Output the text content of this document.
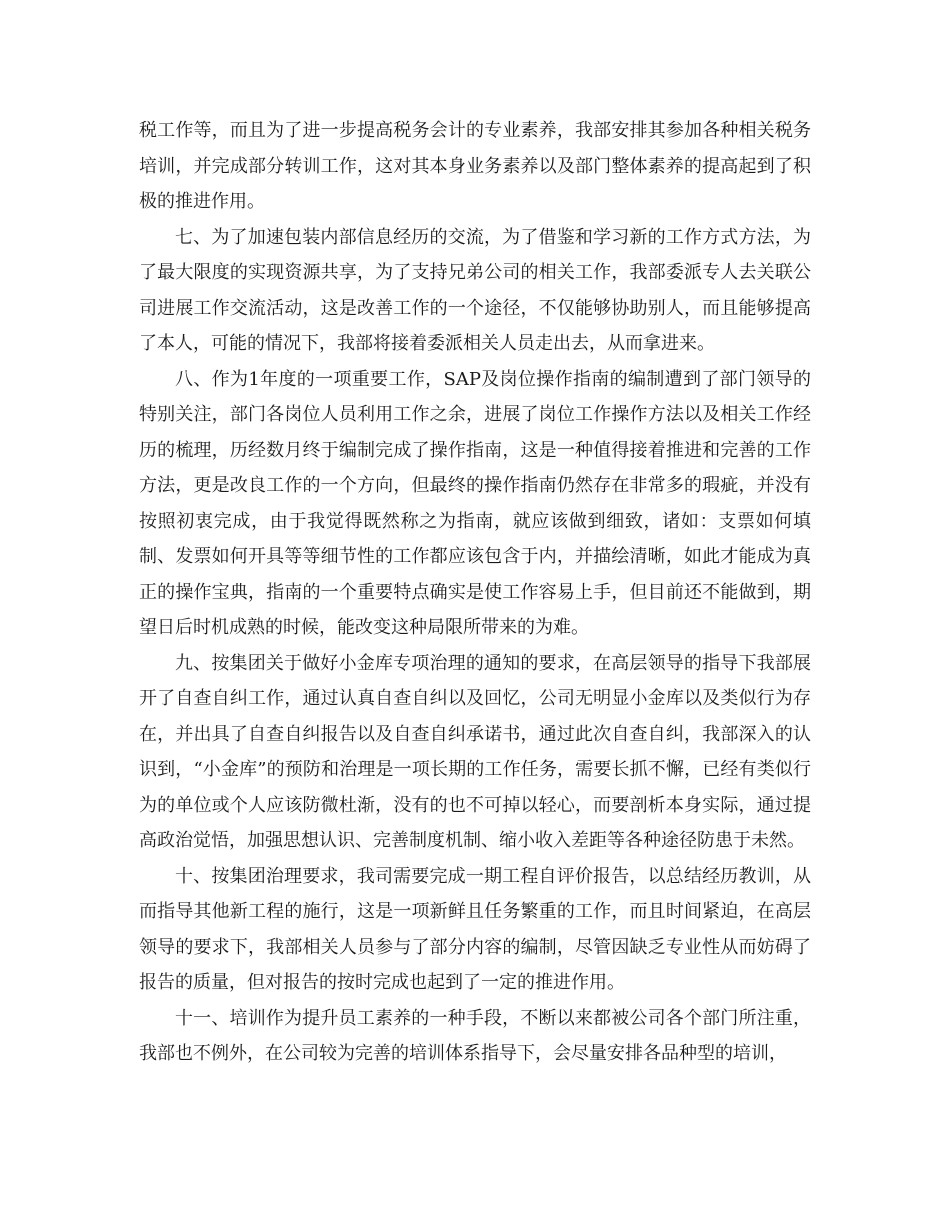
税工作等，而且为了进一步提高税务会计的专业素养，我部安排其参加各种相关税务培训，并完成部分转训工作，这对其本身业务素养以及部门整体素养的提高起到了积极的推进作用。

七、为了加速包装内部信息经历的交流，为了借鉴和学习新的工作方式方法，为了最大限度的实现资源共享，为了支持兄弟公司的相关工作，我部委派专人去关联公司进展工作交流活动，这是改善工作的一个途径，不仅能够协助别人，而且能够提高了本人，可能的情况下，我部将接着委派相关人员走出去，从而拿进来。

八、作为1年度的一项重要工作，SAP及岗位操作指南的编制遭到了部门领导的特别关注，部门各岗位人员利用工作之余，进展了岗位工作操作方法以及相关工作经历的梳理，历经数月终于编制完成了操作指南，这是一种值得接着推进和完善的工作方法，更是改良工作的一个方向，但最终的操作指南仍然存在非常多的瑕疵，并没有按照初衷完成，由于我觉得既然称之为指南，就应该做到细致，诸如：支票如何填制、发票如何开具等等细节性的工作都应该包含于内，并描绘清晰，如此才能成为真正的操作宝典，指南的一个重要特点确实是使工作容易上手，但目前还不能做到，期望日后时机成熟的时候，能改变这种局限所带来的为难。

九、按集团关于做好小金库专项治理的通知的要求，在高层领导的指导下我部展开了自查自纠工作，通过认真自查自纠以及回忆，公司无明显小金库以及类似行为存在，并出具了自查自纠报告以及自查自纠承诺书，通过此次自查自纠，我部深入的认识到，“小金库”的预防和治理是一项长期的工作任务，需要长抓不懈，已经有类似行为的单位或个人应该防微杜渐，没有的也不可掉以轻心，而要剖析本身实际，通过提高政治觉悟，加强思想认识、完善制度机制、缩小收入差距等各种途径防患于未然。

十、按集团治理要求，我司需要完成一期工程自评价报告，以总结经历教训，从而指导其他新工程的施行，这是一项新鲜且任务繁重的工作，而且时间紧迫，在高层领导的要求下，我部相关人员参与了部分内容的编制，尽管因缺乏专业性从而妨碍了报告的质量，但对报告的按时完成也起到了一定的推进作用。

十一、培训作为提升员工素养的一种手段，不断以来都被公司各个部门所注重，我部也不例外，在公司较为完善的培训体系指导下，会尽量安排各品种型的培训，
